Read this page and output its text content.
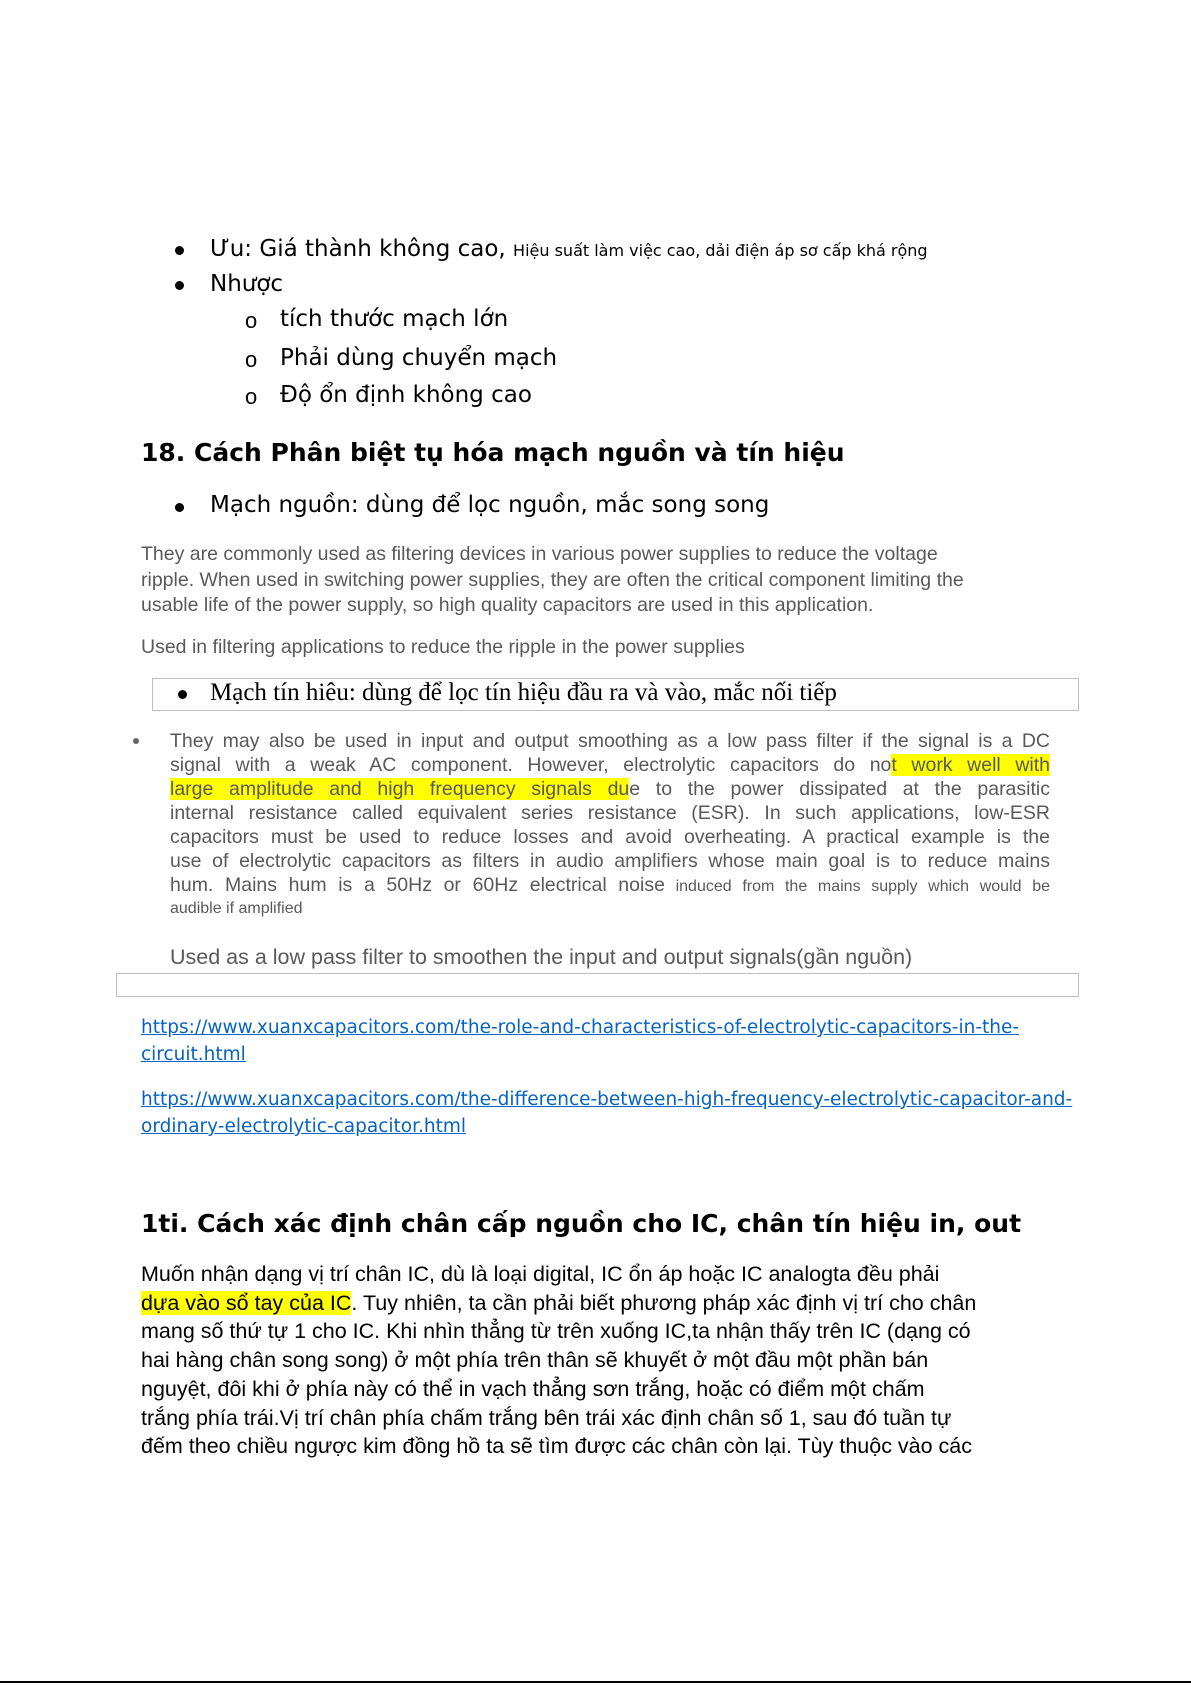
Ưu: Giá thành không cao, Hiệu suất làm việc cao, dải điện áp sơ cấp khá rộng
Nhược
o tích thước mạch lớn
o Phải dùng chuyển mạch
o Độ ổn định không cao
18. Cách Phân biệt tụ hóa mạch nguồn và tín hiệu
Mạch nguồn: dùng để lọc nguồn, mắc song song
They are commonly used as filtering devices in various power supplies to reduce the voltage
ripple. When used in switching power supplies, they are often the critical component limiting the
usable life of the power supply, so high quality capacitors are used in this application.
Used in filtering applications to reduce the ripple in the power supplies
Mạch tín hiêu: dùng để lọc tín hiệu đầu ra và vào, mắc nối tiếp
They may also be used in input and output smoothing as a low pass filter if the signal is a DC
signal with a weak AC component. However, electrolytic capacitors do not work well with
large amplitude and high frequency signals due to the power dissipated at the parasitic
internal resistance called equivalent series resistance (ESR). In such applications, low-ESR
capacitors must be used to reduce losses and avoid overheating. A practical example is the
use of electrolytic capacitors as filters in audio amplifiers whose main goal is to reduce mains
hum. Mains hum is a 50Hz or 60Hz electrical noise induced from the mains supply which would be
audible if amplified
Used as a low pass filter to smoothen the input and output signals(gần nguồn)
https://www.xuanxcapacitors.com/the-role-and-characteristics-of-electrolytic-capacitors-in-the-
circuit.html
https://www.xuanxcapacitors.com/the-difference-between-high-frequency-electrolytic-capacitor-and-
ordinary-electrolytic-capacitor.html
1ti. Cách xác định chân cấp nguồn cho IC, chân tín hiệu in, out
Muốn nhận dạng vị trí chân IC, dù là loại digital, IC ổn áp hoặc IC analogta đều phải
dựa vào sổ tay của IC. Tuy nhiên, ta cần phải biết phương pháp xác định vị trí cho chân
mang số thứ tự 1 cho IC. Khi nhìn thẳng từ trên xuống IC,ta nhận thấy trên IC (dạng có
hai hàng chân song song) ở một phía trên thân sẽ khuyết ở một đầu một phần bán
nguyệt, đôi khi ở phía này có thể in vạch thẳng sơn trắng, hoặc có điểm một chấm
trắng phía trái.Vị trí chân phía chấm trắng bên trái xác định chân số 1, sau đó tuần tự
đếm theo chiều ngược kim đồng hồ ta sẽ tìm được các chân còn lại. Tùy thuộc vào các
